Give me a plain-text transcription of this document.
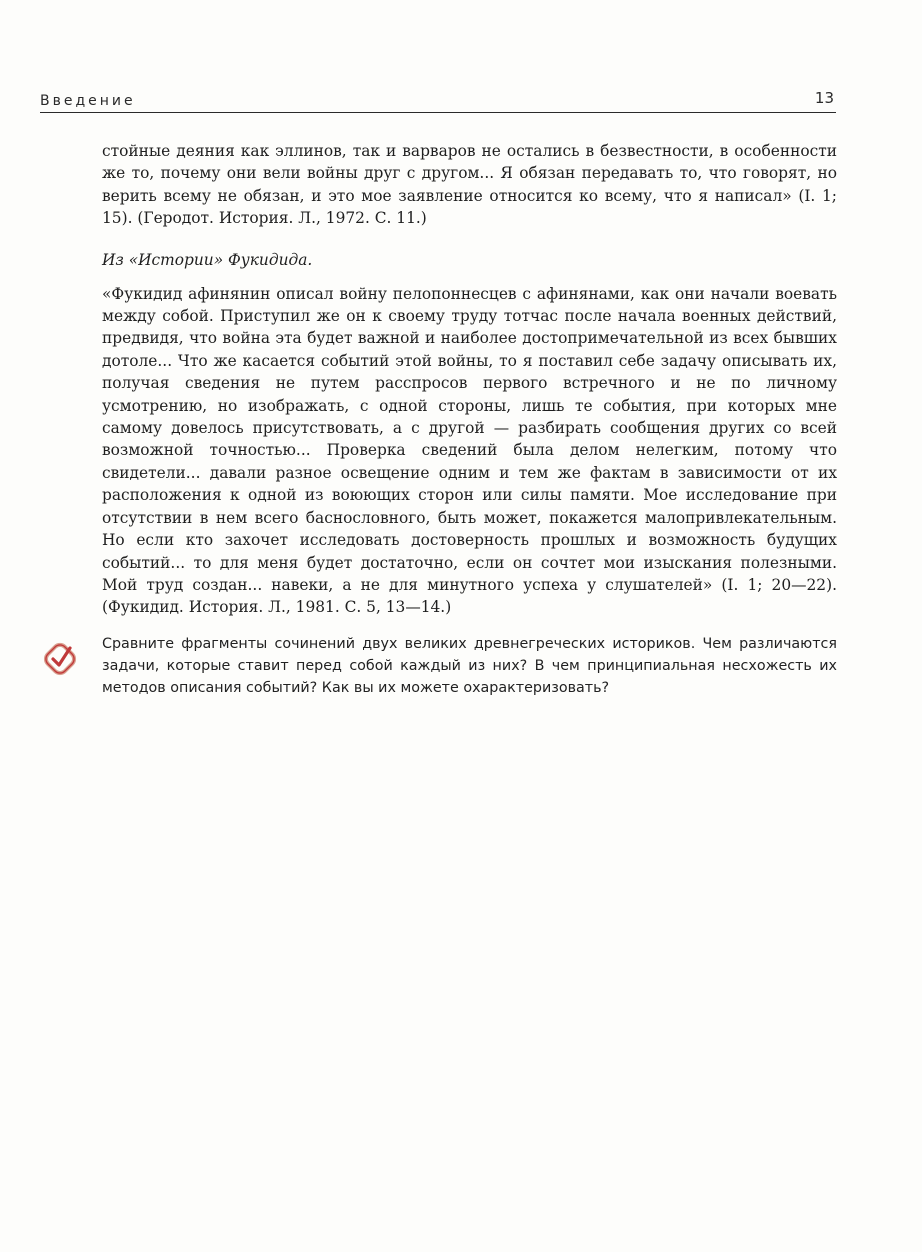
Введение	13

стойные деяния как эллинов, так и варваров не остались в безвестности, в особенности же то, почему они вели войны друг с другом... Я обязан передавать то, что говорят, но верить всему не обязан, и это мое заявление относится ко всему, что я написал» (I. 1; 15). (Геродот. История. Л., 1972. С. 11.)

Из «Истории» Фукидида.

«Фукидид афинянин описал войну пелопоннесцев с афинянами, как они начали воевать между собой. Приступил же он к своему труду тотчас после начала военных действий, предвидя, что война эта будет важной и наиболее достопримечательной из всех бывших дотоле... Что же касается событий этой войны, то я поставил себе задачу описывать их, получая сведения не путем расспросов первого встречного и не по личному усмотрению, но изображать, с одной стороны, лишь те события, при которых мне самому довелось присутствовать, а с другой — разбирать сообщения других со всей возможной точностью... Проверка сведений была делом нелегким, потому что свидетели... давали разное освещение одним и тем же фактам в зависимости от их расположения к одной из воюющих сторон или силы памяти. Мое исследование при отсутствии в нем всего баснословного, быть может, покажется малопривлекательным. Но если кто захочет исследовать достоверность прошлых и возможность будущих событий... то для меня будет достаточно, если он сочтет мои изыскания полезными. Мой труд создан... навеки, а не для минутного успеха у слушателей» (I. 1; 20—22). (Фукидид. История. Л., 1981. С. 5, 13—14.)

Сравните фрагменты сочинений двух великих древнегреческих историков. Чем различаются задачи, которые ставит перед собой каждый из них? В чем принципиальная несхожесть их методов описания событий? Как вы их можете охарактеризовать?
